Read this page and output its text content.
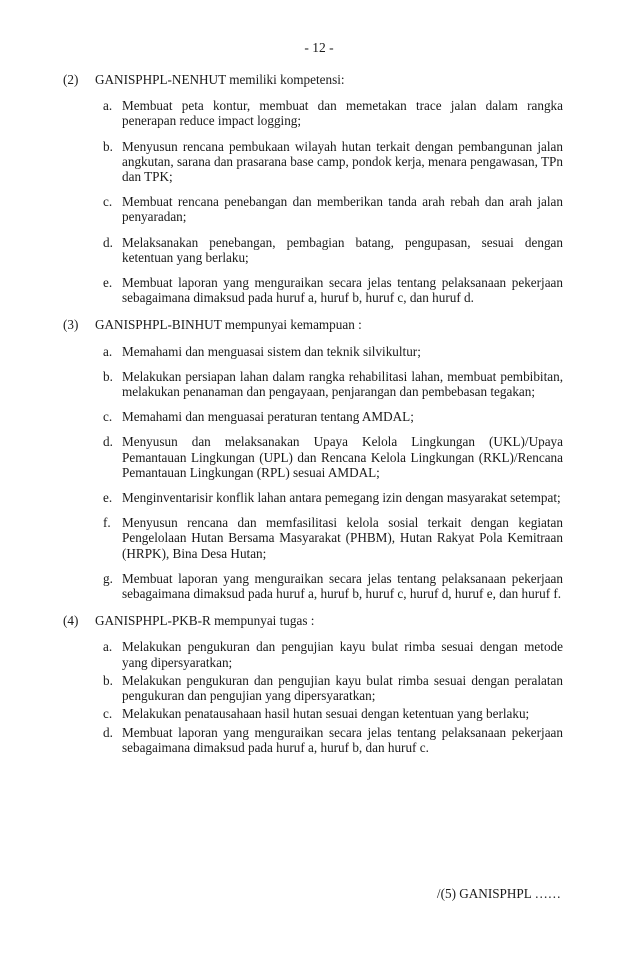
- 12 -
(2) GANISPHPL-NENHUT memiliki kompetensi:
a. Membuat peta kontur, membuat dan memetakan trace jalan dalam rangka penerapan reduce impact logging;
b. Menyusun rencana pembukaan wilayah hutan terkait dengan pembangunan jalan angkutan, sarana dan prasarana base camp, pondok kerja, menara pengawasan, TPn dan TPK;
c. Membuat rencana penebangan dan memberikan tanda arah rebah dan arah jalan penyaradan;
d. Melaksanakan penebangan, pembagian batang, pengupasan, sesuai dengan ketentuan yang berlaku;
e. Membuat laporan yang menguraikan secara jelas tentang pelaksanaan pekerjaan sebagaimana dimaksud pada huruf a, huruf b, huruf c, dan huruf d.
(3) GANISPHPL-BINHUT mempunyai kemampuan :
a. Memahami dan menguasai sistem dan teknik silvikultur;
b. Melakukan persiapan lahan dalam rangka rehabilitasi lahan, membuat pembibitan, melakukan penanaman dan pengayaan, penjarangan dan pembebasan tegakan;
c. Memahami dan menguasai peraturan tentang AMDAL;
d. Menyusun dan melaksanakan Upaya Kelola Lingkungan (UKL)/Upaya Pemantauan Lingkungan (UPL) dan Rencana Kelola Lingkungan (RKL)/Rencana Pemantauan Lingkungan (RPL) sesuai AMDAL;
e. Menginventarisir konflik lahan antara pemegang izin dengan masyarakat setempat;
f. Menyusun rencana dan memfasilitasi kelola sosial terkait dengan kegiatan Pengelolaan Hutan Bersama Masyarakat (PHBM), Hutan Rakyat Pola Kemitraan (HRPK), Bina Desa Hutan;
g. Membuat laporan yang menguraikan secara jelas tentang pelaksanaan pekerjaan sebagaimana dimaksud pada huruf a, huruf b, huruf c, huruf d, huruf e, dan huruf f.
(4) GANISPHPL-PKB-R mempunyai tugas :
a. Melakukan pengukuran dan pengujian kayu bulat rimba sesuai dengan metode yang dipersyaratkan;
b. Melakukan pengukuran dan pengujian kayu bulat rimba sesuai dengan peralatan pengukuran dan pengujian yang dipersyaratkan;
c. Melakukan penatausahaan hasil hutan sesuai dengan ketentuan yang berlaku;
d. Membuat laporan yang menguraikan secara jelas tentang pelaksanaan pekerjaan sebagaimana dimaksud pada huruf a, huruf b, dan huruf c.
/(5) GANISPHPL ……
